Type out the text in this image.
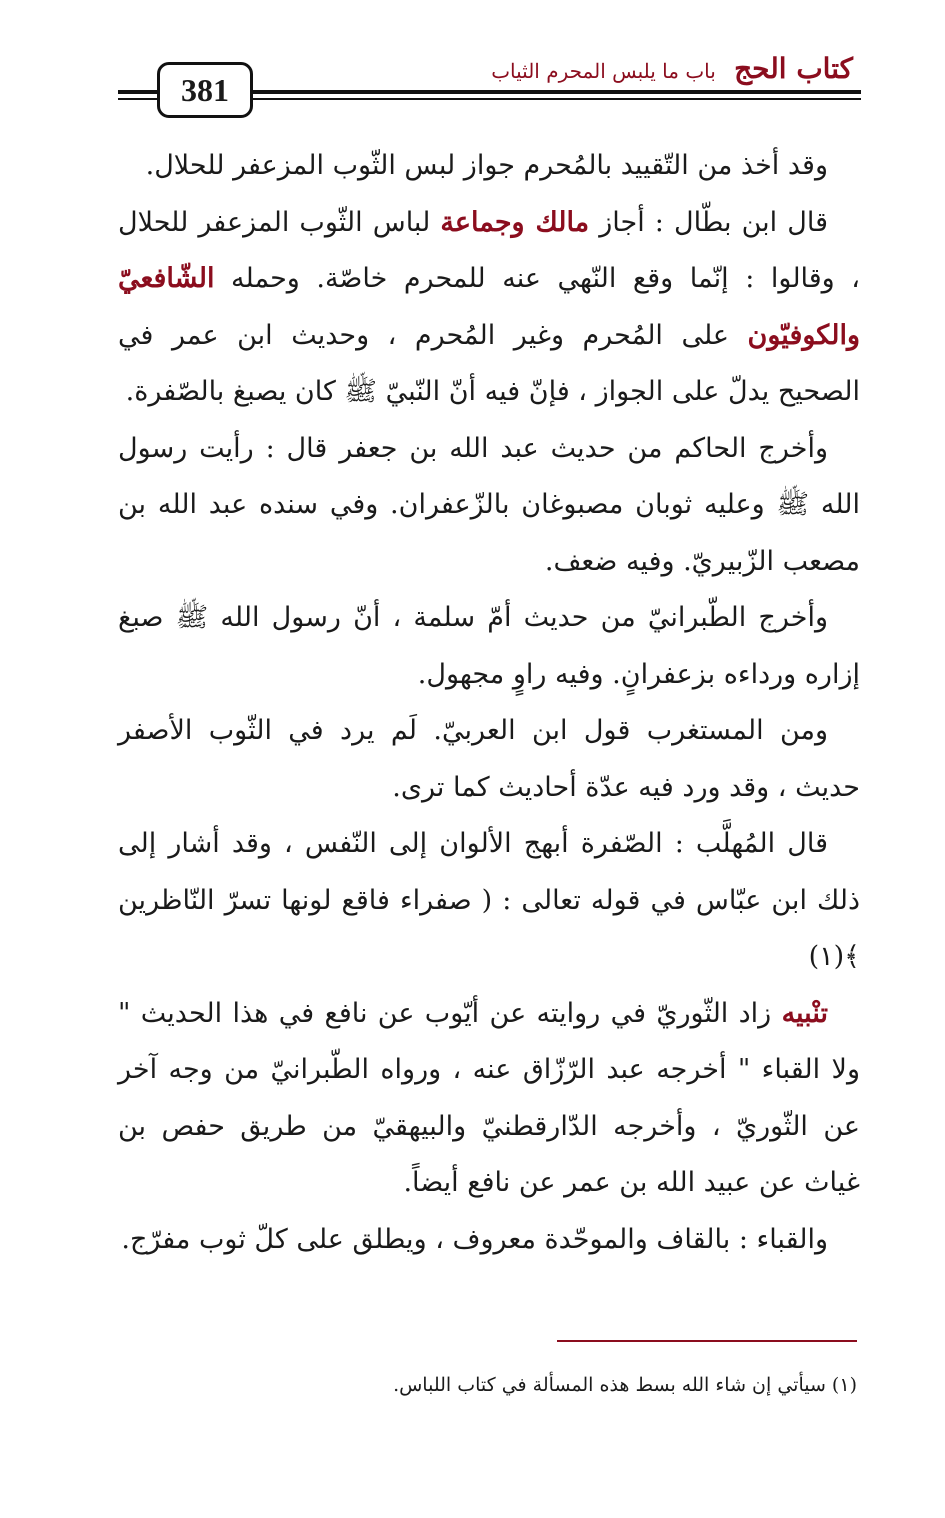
كتاب الحج باب ما يلبس المحرم الثياب
381

وقد أخذ من التّقييد بالمُحرم جواز لبس الثّوب المزعفر للحلال.

قال ابن بطّال : أجاز مالك وجماعة لباس الثّوب المزعفر للحلال ، وقالوا : إنّما وقع النّهي عنه للمحرم خاصّة. وحمله الشّافعيّ والكوفيّون على المُحرم وغير المُحرم ، وحديث ابن عمر في الصحيح يدلّ على الجواز ، فإنّ فيه أنّ النّبيّ ﷺ كان يصبغ بالصّفرة.

وأخرج الحاكم من حديث عبد الله بن جعفر قال : رأيت رسول الله ﷺ وعليه ثوبان مصبوغان بالزّعفران. وفي سنده عبد الله بن مصعب الزّبيريّ. وفيه ضعف.

وأخرج الطّبرانيّ من حديث أمّ سلمة ، أنّ رسول الله ﷺ صبغ إزاره ورداءه بزعفرانٍ. وفيه راوٍ مجهول.

ومن المستغرب قول ابن العربيّ. لَم يرد في الثّوب الأصفر حديث ، وقد ورد فيه عدّة أحاديث كما ترى.

قال المُهلَّب : الصّفرة أبهج الألوان إلى النّفس ، وقد أشار إلى ذلك ابن عبّاس في قوله تعالى : ( صفراء فاقع لونها تسرّ النّاظرين ﴾(١)

تنْبيه زاد الثّوريّ في روايته عن أيّوب عن نافع في هذا الحديث " ولا القباء " أخرجه عبد الرّزّاق عنه ، ورواه الطّبرانيّ من وجه آخر عن الثّوريّ ، وأخرجه الدّارقطنيّ والبيهقيّ من طريق حفص بن غياث عن عبيد الله بن عمر عن نافع أيضاً.

والقباء : بالقاف والموحّدة معروف ، ويطلق على كلّ ثوب مفرّج.

(١) سيأتي إن شاء الله بسط هذه المسألة في كتاب اللباس.
